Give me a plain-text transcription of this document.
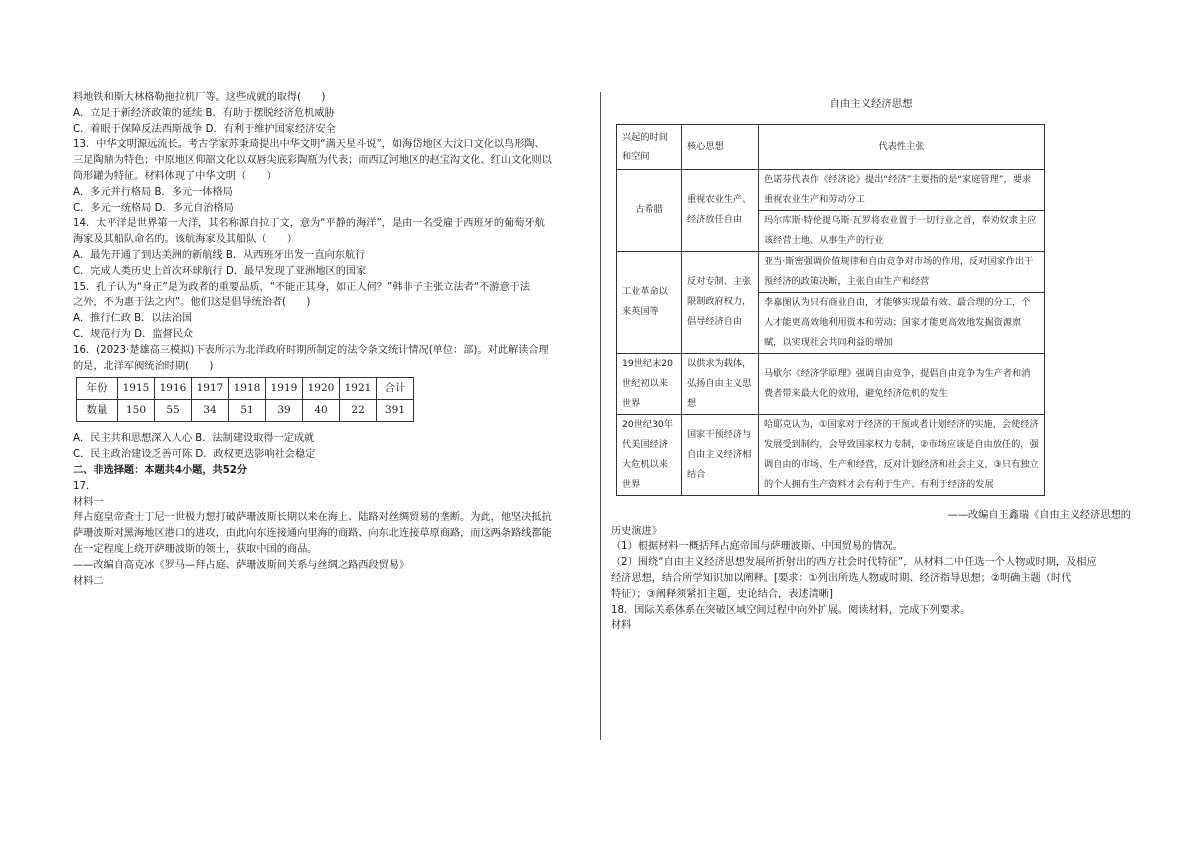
料地铁和斯大林格勒拖拉机厂等。这些成就的取得(　　)
A．立足于新经济政策的延续 B．有助于摆脱经济危机威胁
C．着眼于保障反法西斯战争 D．有利于维护国家经济安全
13．中华文明源远流长。考古学家苏秉琦提出中华文明“满天星斗说”，如海岱地区大汶口文化以鸟形陶、
三足陶鼎为特色；中原地区仰韶文化以双唇尖底彩陶瓶为代表；而西辽河地区的赵宝沟文化、红山文化则以
筒形罐为特征。材料体现了中华文明（　　）
A．多元并行格局 B．多元一体格局
C．多元一统格局 D．多元自治格局
14．太平洋是世界第一大洋，其名称源自拉丁文，意为“平静的海洋”，是由一名受雇于西班牙的葡萄牙航
海家及其船队命名的。该航海家及其船队（　　）
A．最先开通了到达美洲的新航线 B．从西班牙出发一直向东航行
C．完成人类历史上首次环球航行 D．最早发现了亚洲地区的国家
15．孔子认为“身正”是为政者的重要品质，“不能正其身，如正人何？”韩非子主张立法者“不游意于法
之外，不为惠于法之内”。他们这是倡导统治者(　　)
A．推行仁政 B．以法治国
C．规范行为 D．监督民众
16．(2023·楚雄高三模拟)下表所示为北洋政府时期所制定的法令条文统计情况(单位：部)。对此解读合理
的是，北洋军阀统治时期(　　)
年份	1915	1916	1917	1918	1919	1920	1921	合计
数量	150	55	34	51	39	40	22	391
A．民主共和思想深入人心 B．法制建设取得一定成就
C．民主政治建设乏善可陈 D．政权更迭影响社会稳定
二、非选择题：本题共4小题，共52分
17．
材料一
拜占庭皇帝查士丁尼一世极力想打破萨珊波斯长期以来在海上、陆路对丝绸贸易的垄断。为此，他坚决抵抗
萨珊波斯对黑海地区港口的进攻，由此向东连接通向里海的商路、向东北连接草原商路，而这两条路线都能
在一定程度上绕开萨珊波斯的领土，获取中国的商品。
——改编自高克冰《罗马—拜占庭、萨珊波斯间关系与丝绸之路西段贸易》
材料二
自由主义经济思想
兴起的时间和空间	核心思想	代表性主张
古希腊	重视农业生产、经济放任自由	色诺芬代表作《经济论》提出“经济”主要指的是“家庭管理”，要求重视农业生产和劳动分工
		玛尔库斯·特伦提乌斯·瓦罗将农业置于一切行业之首，奉劝奴隶主应该经营土地、从事生产的行业
工业革命以来英国等	反对专制、主张限制政府权力，倡导经济自由	亚当·斯密强调价值规律和自由竞争对市场的作用，反对国家作出干预经济的政策决断，主张自由生产和经营
		李嘉图认为只有商业自由，才能够实现最有效、最合理的分工，个人才能更高效地利用资本和劳动；国家才能更高效地发掘资源禀赋，以实现社会共同利益的增加
19世纪末20世纪初以来世界	以供求为载体，弘扬自由主义思想	马歇尔《经济学原理》强调自由竞争，提倡自由竞争为生产者和消费者带来最大化的效用，避免经济危机的发生
20世纪30年代美国经济大危机以来世界	国家干预经济与自由主义经济相结合	哈耶克认为，①国家对于经济的干预或者计划经济的实施，会使经济发展受到制约，会导致国家权力专制，②市场应该是自由放任的，强调自由的市场、生产和经营，反对计划经济和社会主义，③只有独立的个人拥有生产资料才会有利于生产、有利于经济的发展
——改编自王鑫瑞《自由主义经济思想的
历史演进》
（1）根据材料一概括拜占庭帝国与萨珊波斯、中国贸易的情况。
（2）围绕“自由主义经济思想发展所折射出的西方社会时代特征”，从材料二中任选一个人物或时期，及相应
经济思想，结合所学知识加以阐释。[要求：①列出所选人物或时期、经济指导思想；②明确主题（时代
特征）；③阐释须紧扣主题，史论结合，表述清晰]
18．国际关系体系在突破区域空间过程中向外扩展。阅读材料，完成下列要求。
材料
